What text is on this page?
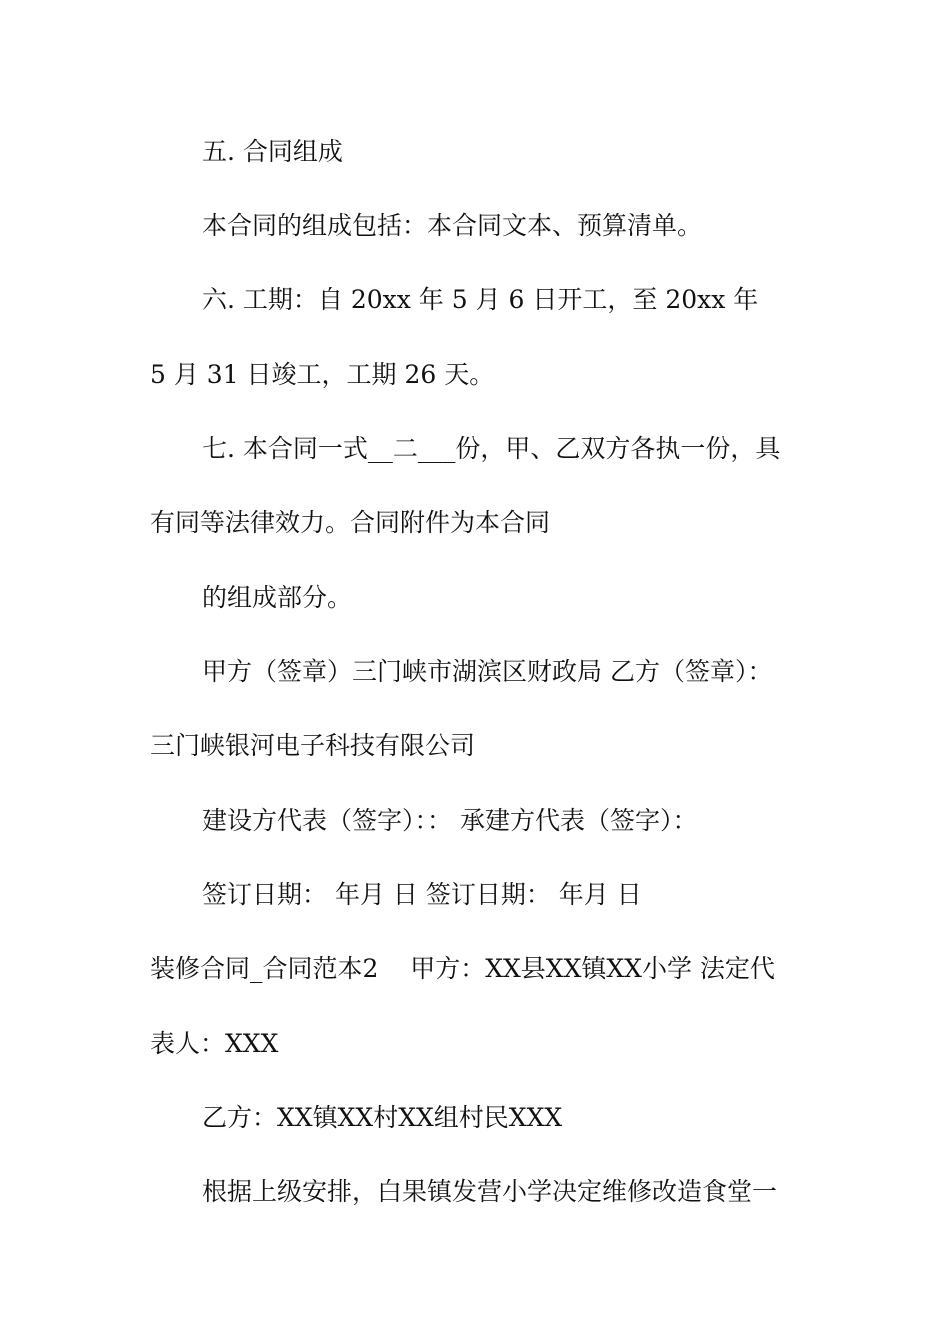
五. 合同组成
本合同的组成包括：本合同文本、预算清单。
六. 工期：自 20xx 年 5 月 6 日开工，至 20xx 年
5 月 31 日竣工，工期 26 天。
七. 本合同一式__二___份，甲、乙双方各执一份，具
有同等法律效力。合同附件为本合同
的组成部分。
甲方（签章）三门峡市湖滨区财政局 乙方（签章）：
三门峡银河电子科技有限公司
建设方代表（签字）：： 承建方代表（签字）：
签订日期： 年月 日 签订日期： 年月 日
装修合同_合同范本2    甲方：XX县XX镇XX小学 法定代
表人：XXX
乙方：XX镇XX村XX组村民XXX
根据上级安排，白果镇发营小学决定维修改造食堂一
